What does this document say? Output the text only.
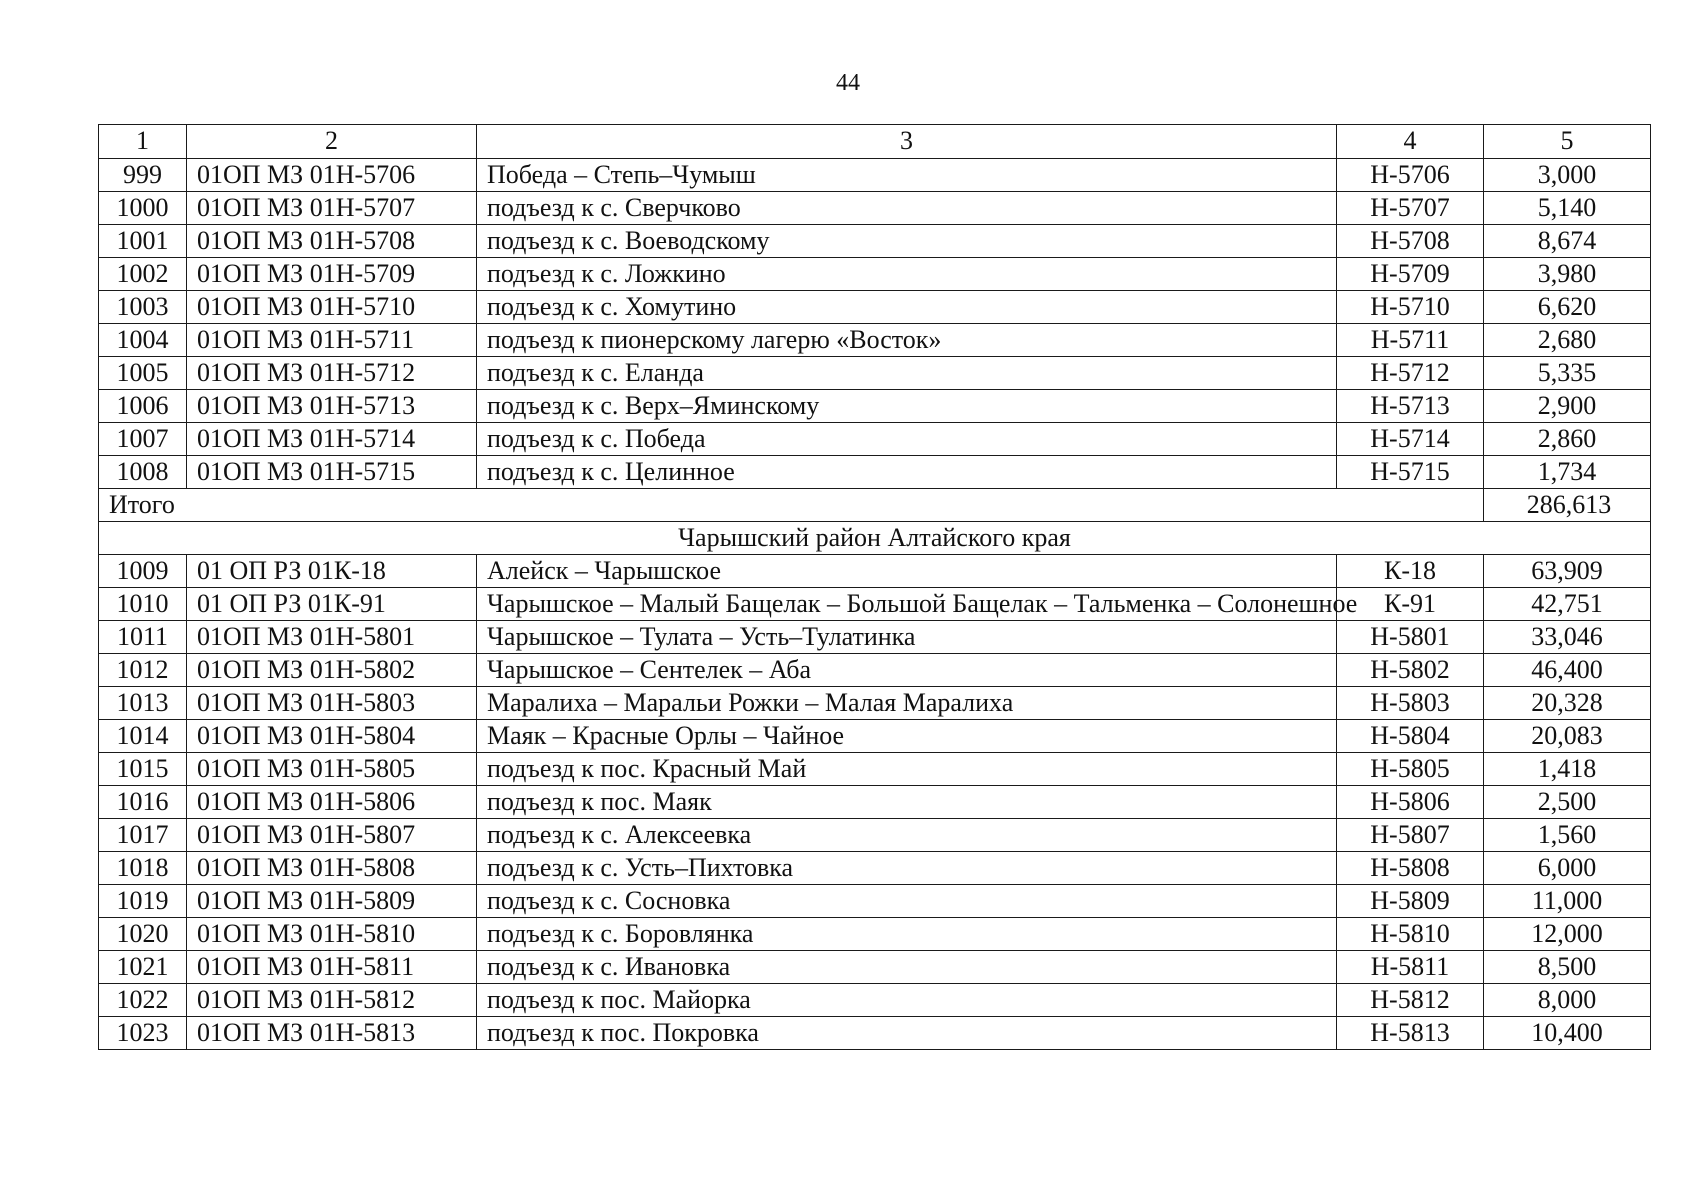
44
1	2	3	4	5
999	01ОП МЗ 01Н-5706	Победа – Степь–Чумыш	Н-5706	3,000
1000	01ОП МЗ 01Н-5707	подъезд к с. Сверчково	Н-5707	5,140
1001	01ОП МЗ 01Н-5708	подъезд к с. Воеводскому	Н-5708	8,674
1002	01ОП МЗ 01Н-5709	подъезд к с. Ложкино	Н-5709	3,980
1003	01ОП МЗ 01Н-5710	подъезд к с. Хомутино	Н-5710	6,620
1004	01ОП МЗ 01Н-5711	подъезд к пионерскому лагерю «Восток»	Н-5711	2,680
1005	01ОП МЗ 01Н-5712	подъезд к с. Еланда	Н-5712	5,335
1006	01ОП МЗ 01Н-5713	подъезд к с. Верх–Яминскому	Н-5713	2,900
1007	01ОП МЗ 01Н-5714	подъезд к с. Победа	Н-5714	2,860
1008	01ОП МЗ 01Н-5715	подъезд к с. Целинное	Н-5715	1,734
Итого				286,613
Чарышский район Алтайского края				
1009	01 ОП РЗ 01К-18	Алейск – Чарышское	К-18	63,909
1010	01 ОП РЗ 01К-91	Чарышское – Малый Бащелак – Большой Бащелак – Тальменка – Солонешное	К-91	42,751
1011	01ОП МЗ 01Н-5801	Чарышское – Тулата – Усть–Тулатинка	Н-5801	33,046
1012	01ОП МЗ 01Н-5802	Чарышское – Сентелек – Аба	Н-5802	46,400
1013	01ОП МЗ 01Н-5803	Маралиха – Маральи Рожки – Малая Маралиха	Н-5803	20,328
1014	01ОП МЗ 01Н-5804	Маяк – Красные Орлы – Чайное	Н-5804	20,083
1015	01ОП МЗ 01Н-5805	подъезд к пос. Красный Май	Н-5805	1,418
1016	01ОП МЗ 01Н-5806	подъезд к пос. Маяк	Н-5806	2,500
1017	01ОП МЗ 01Н-5807	подъезд к с. Алексеевка	Н-5807	1,560
1018	01ОП МЗ 01Н-5808	подъезд к с. Усть–Пихтовка	Н-5808	6,000
1019	01ОП МЗ 01Н-5809	подъезд к с. Сосновка	Н-5809	11,000
1020	01ОП МЗ 01Н-5810	подъезд к с. Боровлянка	Н-5810	12,000
1021	01ОП МЗ 01Н-5811	подъезд к с. Ивановка	Н-5811	8,500
1022	01ОП МЗ 01Н-5812	подъезд к пос. Майорка	Н-5812	8,000
1023	01ОП МЗ 01Н-5813	подъезд к пос. Покровка	Н-5813	10,400
